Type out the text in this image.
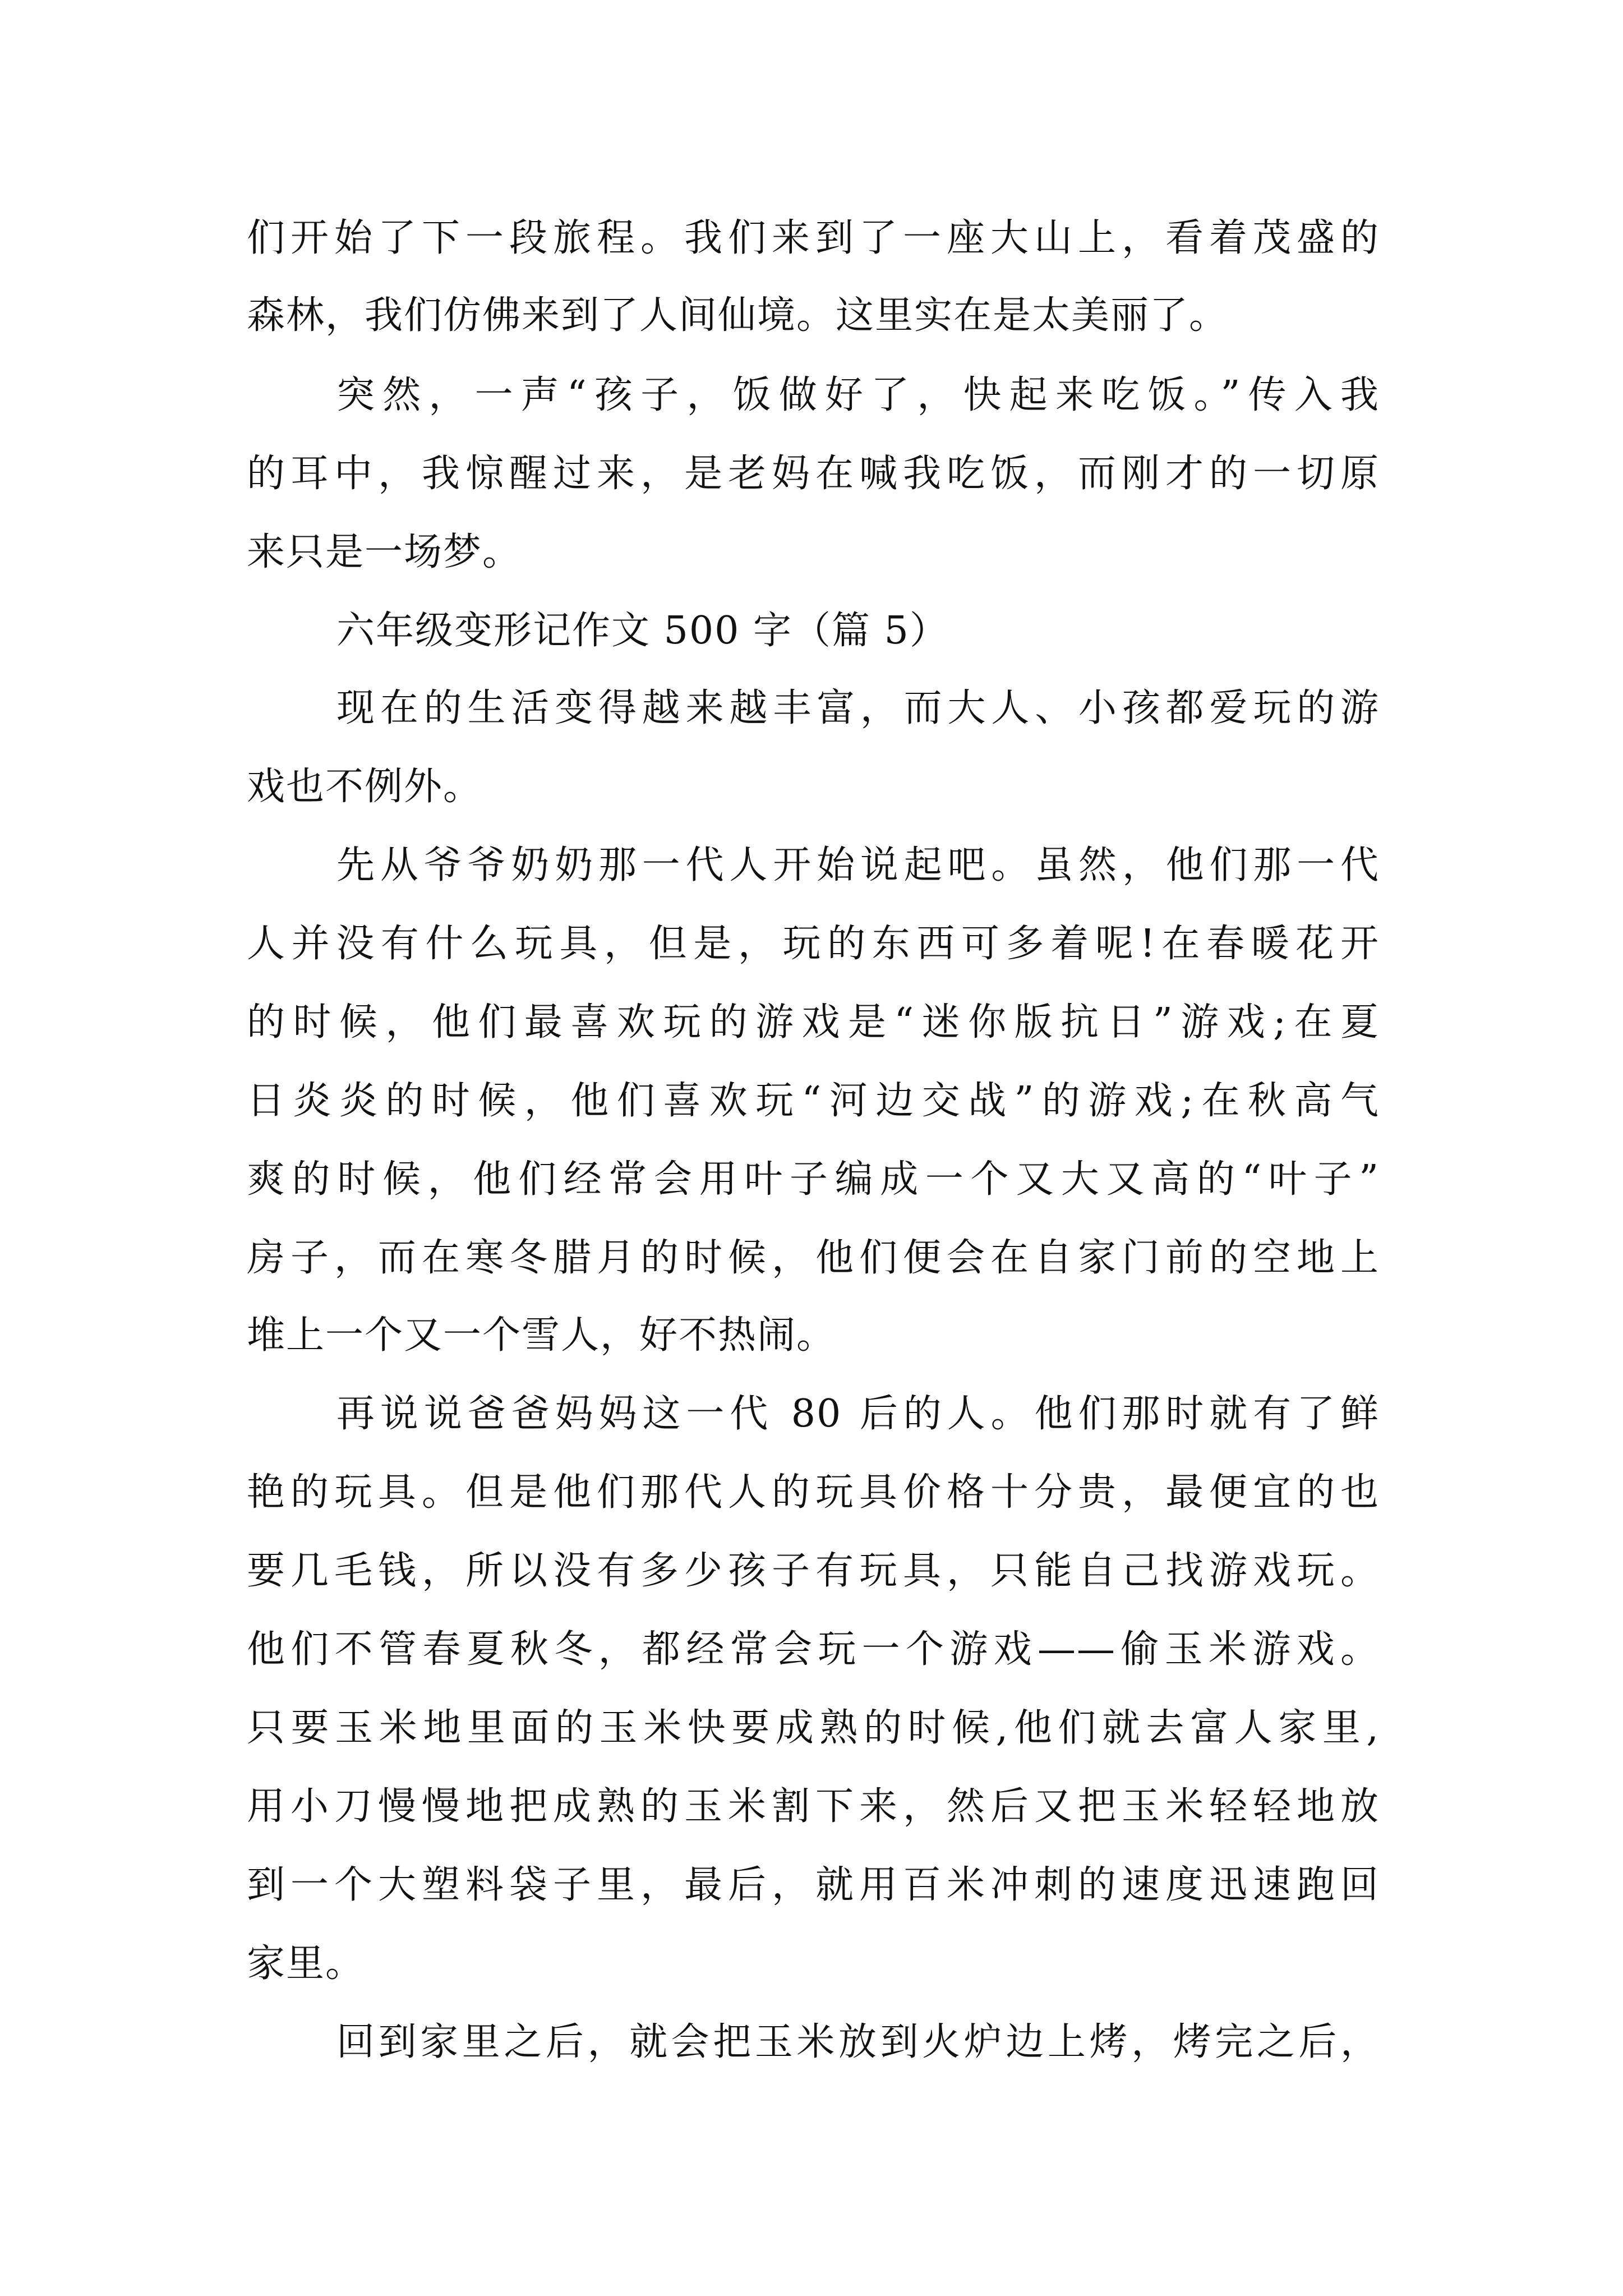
们开始了下一段旅程。我们来到了一座大山上，看着茂盛的
森林，我们仿佛来到了人间仙境。这里实在是太美丽了。
突然，一声“孩子，饭做好了，快起来吃饭。”传入我
的耳中，我惊醒过来，是老妈在喊我吃饭，而刚才的一切原
来只是一场梦。
六年级变形记作文 500 字（篇 5）
现在的生活变得越来越丰富，而大人、小孩都爱玩的游
戏也不例外。
先从爷爷奶奶那一代人开始说起吧。虽然，他们那一代
人并没有什么玩具，但是，玩的东西可多着呢!在春暖花开
的时候，他们最喜欢玩的游戏是“迷你版抗日”游戏;在夏
日炎炎的时候，他们喜欢玩“河边交战”的游戏;在秋高气
爽的时候，他们经常会用叶子编成一个又大又高的“叶子”
房子，而在寒冬腊月的时候，他们便会在自家门前的空地上
堆上一个又一个雪人，好不热闹。
再说说爸爸妈妈这一代 80 后的人。他们那时就有了鲜
艳的玩具。但是他们那代人的玩具价格十分贵，最便宜的也
要几毛钱，所以没有多少孩子有玩具，只能自己找游戏玩。
他们不管春夏秋冬，都经常会玩一个游戏——偷玉米游戏。
只要玉米地里面的玉米快要成熟的时候,他们就去富人家里,
用小刀慢慢地把成熟的玉米割下来，然后又把玉米轻轻地放
到一个大塑料袋子里，最后，就用百米冲刺的速度迅速跑回
家里。
回到家里之后，就会把玉米放到火炉边上烤，烤完之后，
